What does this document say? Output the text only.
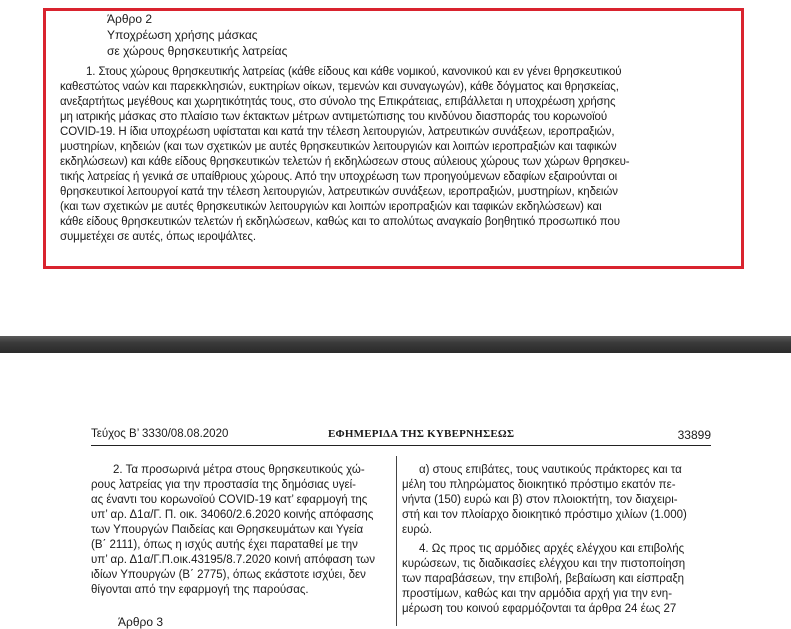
Άρθρο 2
Υποχρέωση χρήσης μάσκας
σε χώρους θρησκευτικής λατρείας
1. Στους χώρους θρησκευτικής λατρείας (κάθε είδους και κάθε νομικού, κανονικού και εν γένει θρησκευτικού
καθεστώτος ναών και παρεκκλησιών, ευκτηρίων οίκων, τεμενών και συναγωγών), κάθε δόγματος και θρησκείας,
ανεξαρτήτως μεγέθους και χωρητικότητάς τους, στο σύνολο της Επικράτειας, επιβάλλεται η υποχρέωση χρήσης
μη ιατρικής μάσκας στο πλαίσιο των έκτακτων μέτρων αντιμετώπισης του κινδύνου διασποράς του κορωνοϊού
COVID-19. Η ίδια υποχρέωση υφίσταται και κατά την τέλεση λειτουργιών, λατρευτικών συνάξεων, ιεροπραξιών,
μυστηρίων, κηδειών (και των σχετικών με αυτές θρησκευτικών λειτουργιών και λοιπών ιεροπραξιών και ταφικών
εκδηλώσεων) και κάθε είδους θρησκευτικών τελετών ή εκδηλώσεων στους αύλειους χώρους των χώρων θρησκευ-
τικής λατρείας ή γενικά σε υπαίθριους χώρους. Από την υποχρέωση των προηγούμενων εδαφίων εξαιρούνται οι
θρησκευτικοί λειτουργοί κατά την τέλεση λειτουργιών, λατρευτικών συνάξεων, ιεροπραξιών, μυστηρίων, κηδειών
(και των σχετικών με αυτές θρησκευτικών λειτουργιών και λοιπών ιεροπραξιών και ταφικών εκδηλώσεων) και
κάθε είδους θρησκευτικών τελετών ή εκδηλώσεων, καθώς και το απολύτως αναγκαίο βοηθητικό προσωπικό που
συμμετέχει σε αυτές, όπως ιεροψάλτες.
Τεύχος Β’ 3330/08.08.2020	ΕΦΗΜΕΡΙΔΑ ΤΗΣ ΚΥΒΕΡΝΗΣΕΩΣ	33899
2. Τα προσωρινά μέτρα στους θρησκευτικούς χώ-
ρους λατρείας για την προστασία της δημόσιας υγεί-
ας έναντι του κορωνοϊού COVID-19 κατ’ εφαρμογή της
υπ’ αρ. Δ1α/Γ. Π. οικ. 34060/2.6.2020 κοινής απόφασης
των Υπουργών Παιδείας και Θρησκευμάτων και Υγεία
(Β΄ 2111), όπως η ισχύς αυτής έχει παραταθεί με την
υπ’ αρ. Δ1α/Γ.Π.οικ.43195/8.7.2020 κοινή απόφαση των
ιδίων Υπουργών (Β΄ 2775), όπως εκάστοτε ισχύει, δεν
θίγονται από την εφαρμογή της παρούσας.
α) στους επιβάτες, τους ναυτικούς πράκτορες και τα
μέλη του πληρώματος διοικητικό πρόστιμο εκατόν πε-
νήντα (150) ευρώ και β) στον πλοιοκτήτη, τον διαχειρι-
στή και τον πλοίαρχο διοικητικό πρόστιμο χιλίων (1.000)
ευρώ.
4. Ως προς τις αρμόδιες αρχές ελέγχου και επιβολής
κυρώσεων, τις διαδικασίες ελέγχου και την πιστοποίηση
των παραβάσεων, την επιβολή, βεβαίωση και είσπραξη
προστίμων, καθώς και την αρμόδια αρχή για την ενη-
μέρωση του κοινού εφαρμόζονται τα άρθρα 24 έως 27
Άρθρο 3
